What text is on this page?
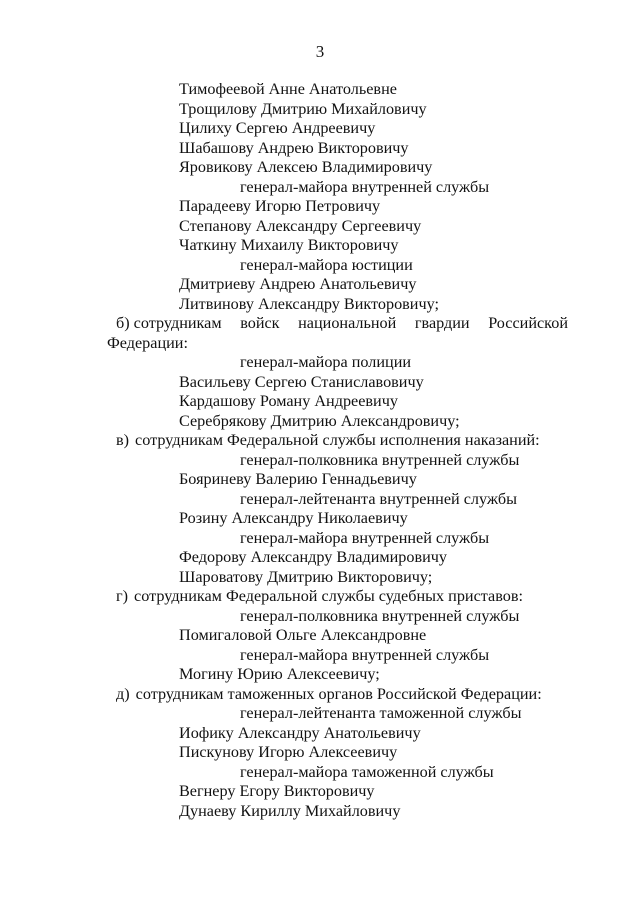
3
Тимофеевой Анне Анатольевне
Трощилову Дмитрию Михайловичу
Цилиху Сергею Андреевичу
Шабашову Андрею Викторовичу
Яровикову Алексею Владимировичу
генерал-майора внутренней службы
Парадееву Игорю Петровичу
Степанову Александру Сергеевичу
Чаткину Михаилу Викторовичу
генерал-майора юстиции
Дмитриеву Андрею Анатольевичу
Литвинову Александру Викторовичу;
б) сотрудникам войск национальной гвардии Российской
Федерации:
генерал-майора полиции
Васильеву Сергею Станиславовичу
Кардашову Роману Андреевичу
Серебрякову Дмитрию Александровичу;
в) сотрудникам Федеральной службы исполнения наказаний:
генерал-полковника внутренней службы
Бояриневу Валерию Геннадьевичу
генерал-лейтенанта внутренней службы
Розину Александру Николаевичу
генерал-майора внутренней службы
Федорову Александру Владимировичу
Шароватову Дмитрию Викторовичу;
г) сотрудникам Федеральной службы судебных приставов:
генерал-полковника внутренней службы
Помигаловой Ольге Александровне
генерал-майора внутренней службы
Могину Юрию Алексеевичу;
д) сотрудникам таможенных органов Российской Федерации:
генерал-лейтенанта таможенной службы
Иофику Александру Анатольевичу
Пискунову Игорю Алексеевичу
генерал-майора таможенной службы
Вегнеру Егору Викторовичу
Дунаеву Кириллу Михайловичу
